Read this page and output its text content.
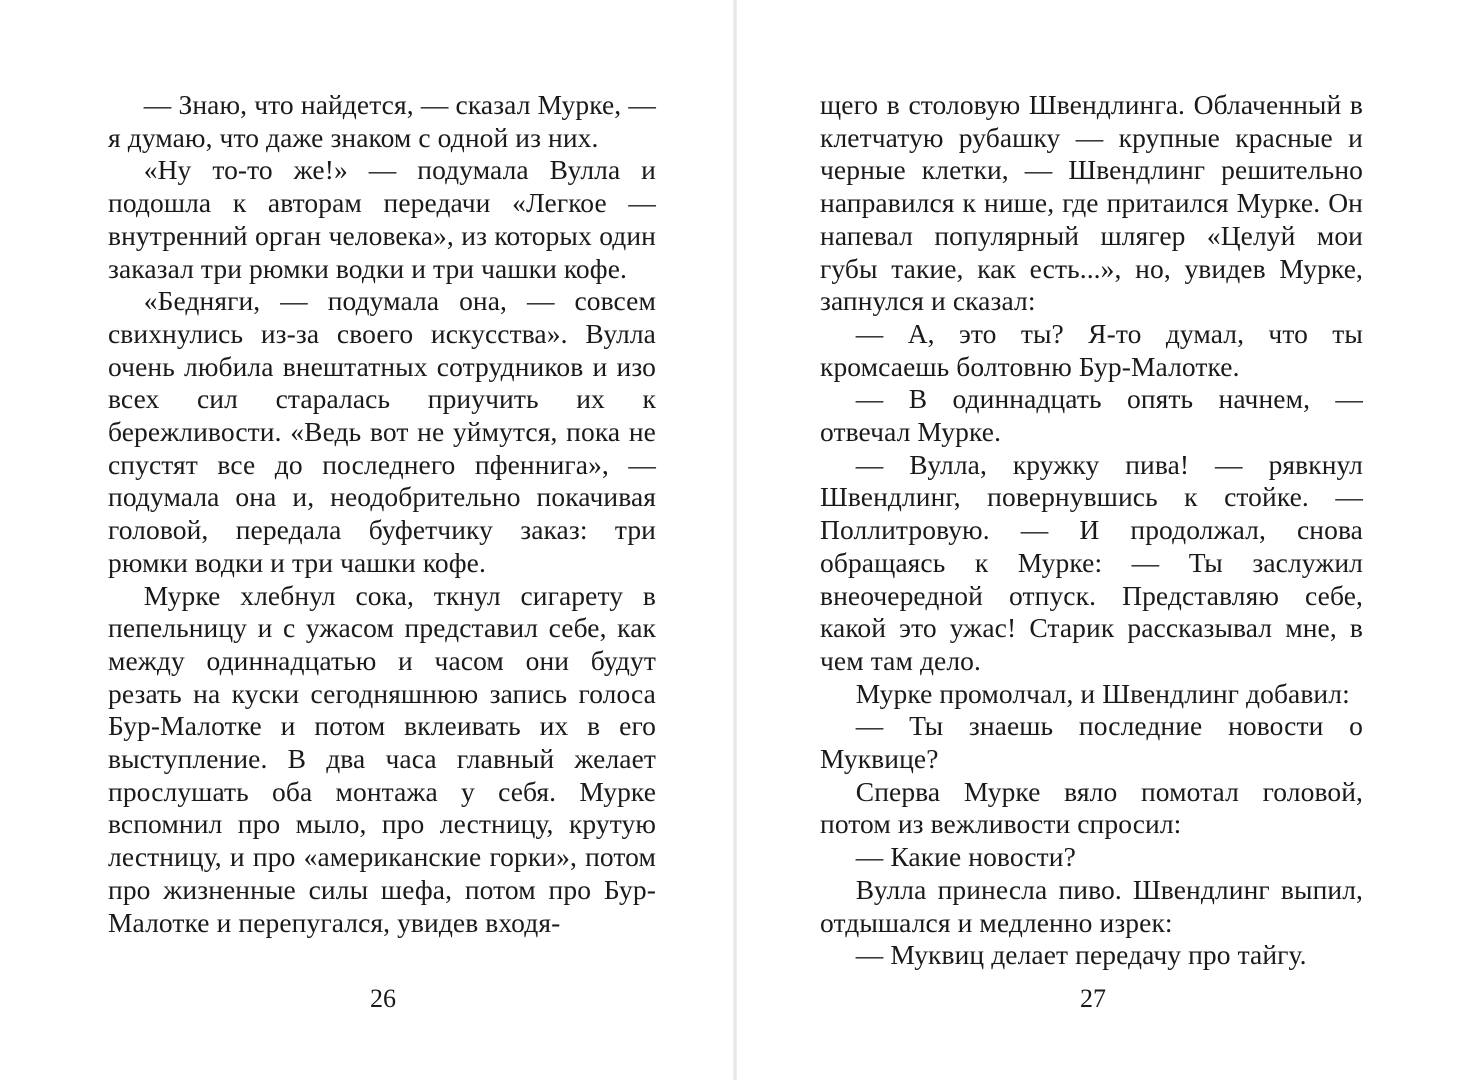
— Знаю, что найдется, — сказал Мурке, — я думаю, что даже знаком с одной из них.

«Ну то-то же!» — подумала Вулла и подошла к авторам передачи «Легкое — внутренний орган человека», из которых один заказал три рюмки водки и три чашки кофе.

«Бедняги, — подумала она, — совсем свихнулись из-за своего искусства». Вулла очень любила внештатных сотрудников и изо всех сил старалась приучить их к бережливости. «Ведь вот не уймутся, пока не спустят все до последнего пфеннига», — подумала она и, неодобрительно покачивая головой, передала буфетчику заказ: три рюмки водки и три чашки кофе.

Мурке хлебнул сока, ткнул сигарету в пепельницу и с ужасом представил себе, как между одиннадцатью и часом они будут резать на куски сегодняшнюю запись голоса Бур-Малотке и потом вклеивать их в его выступление. В два часа главный желает прослушать оба монтажа у себя. Мурке вспомнил про мыло, про лестницу, крутую лестницу, и про «американские горки», потом про жизненные силы шефа, потом про Бур-Малотке и перепугался, увидев входя-

26

щего в столовую Швендлинга. Облаченный в клетчатую рубашку — крупные красные и черные клетки, — Швендлинг решительно направился к нише, где притаился Мурке. Он напевал популярный шлягер «Целуй мои губы такие, как есть...», но, увидев Мурке, запнулся и сказал:

— А, это ты? Я-то думал, что ты кромсаешь болтовню Бур-Малотке.

— В одиннадцать опять начнем, — отвечал Мурке.

— Вулла, кружку пива! — рявкнул Швендлинг, повернувшись к стойке. — Поллитровую. — И продолжал, снова обращаясь к Мурке: — Ты заслужил внеочередной отпуск. Представляю себе, какой это ужас! Старик рассказывал мне, в чем там дело.

Мурке промолчал, и Швендлинг добавил:

— Ты знаешь последние новости о Муквице?

Сперва Мурке вяло помотал головой, потом из вежливости спросил:

— Какие новости?

Вулла принесла пиво. Швендлинг выпил, отдышался и медленно изрек:

— Муквиц делает передачу про тайгу.

27
